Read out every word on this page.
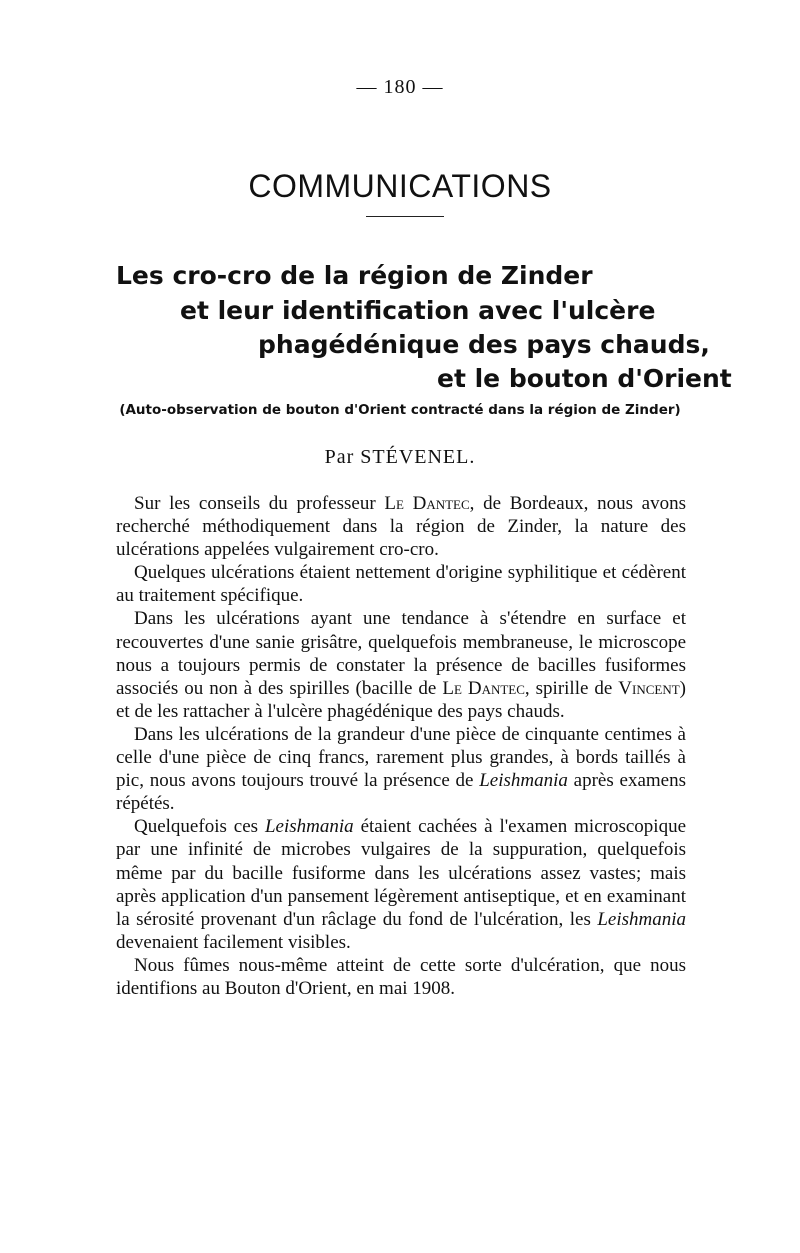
— 180 —
COMMUNICATIONS
Les cro-cro de la région de Zinder
et leur identification avec l'ulcère
phagédénique des pays chauds,
et le bouton d'Orient
(Auto-observation de bouton d'Orient contracté dans la région de Zinder)
Par STÉVENEL.

Sur les conseils du professeur Le Dantec, de Bordeaux, nous avons recherché méthodiquement dans la région de Zinder, la nature des ulcérations appelées vulgairement cro-cro.

Quelques ulcérations étaient nettement d'origine syphilitique et cédèrent au traitement spécifique.

Dans les ulcérations ayant une tendance à s'étendre en surface et recouvertes d'une sanie grisâtre, quelquefois membraneuse, le microscope nous a toujours permis de constater la présence de bacilles fusiformes associés ou non à des spirilles (bacille de Le Dantec, spirille de Vincent) et de les rattacher à l'ulcère phagédénique des pays chauds.

Dans les ulcérations de la grandeur d'une pièce de cinquante centimes à celle d'une pièce de cinq francs, rarement plus grandes, à bords taillés à pic, nous avons toujours trouvé la présence de Leishmania après examens répétés.

Quelquefois ces Leishmania étaient cachées à l'examen microscopique par une infinité de microbes vulgaires de la suppuration, quelquefois même par du bacille fusiforme dans les ulcérations assez vastes; mais après application d'un pansement légèrement antiseptique, et en examinant la sérosité provenant d'un râclage du fond de l'ulcération, les Leishmania devenaient facilement visibles.

Nous fûmes nous-même atteint de cette sorte d'ulcération, que nous identifions au Bouton d'Orient, en mai 1908.
